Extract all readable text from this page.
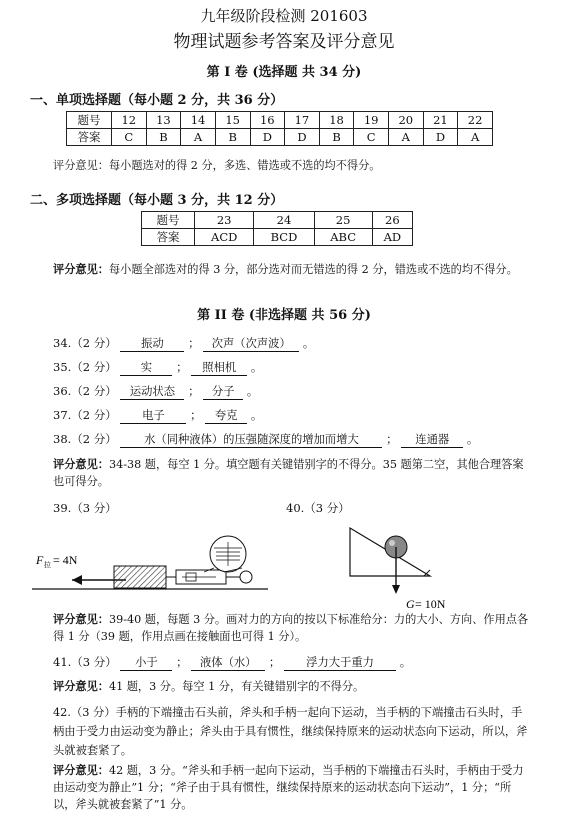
九年级阶段检测 201603
物理试题参考答案及评分意见
第 I 卷 (选择题 共 34 分)
一、单项选择题（每小题 2 分，共 36 分）
题号	12	13	14	15	16	17	18	19	20	21	22
答案	C	B	A	B	D	D	B	C	A	D	A
评分意见：每小题选对的得 2 分，多选、错选或不选的均不得分。
二、多项选择题（每小题 3 分，共 12 分）
题号	23	24	25	26
答案	ACD	BCD	ABC	AD
评分意见：每小题全部选对的得 3 分，部分选对而无错选的得 2 分，错选或不选的均不得分。
第 II 卷 (非选择题 共 56 分)
34.（2 分） 振动 ； 次声（次声波） 。
35.（2 分） 实 ； 照相机 。
36.（2 分） 运动状态 ； 分子 。
37.（2 分） 电子 ； 夸克 。
38.（2 分） 水（同种液体）的压强随深度的增加而增大 ； 连通器 。
评分意见：34-38 题，每空 1 分。填空题有关键错别字的不得分。35 题第二空，其他合理答案也可得分。
39.（3 分）	40.（3 分）
F 拉 = 4N
G = 10N
评分意见：39-40 题，每题 3 分。画对力的方向的按以下标准给分：力的大小、方向、作用点各得 1 分（39 题，作用点画在接触面也可得 1 分）。
41.（3 分） 小于 ； 液体（水） ； 浮力大于重力 。
评分意见：41 题，3 分。每空 1 分，有关键错别字的不得分。
42.（3 分）手柄的下端撞击石头前，斧头和手柄一起向下运动，当手柄的下端撞击石头时，手柄由于受力由运动变为静止；斧头由于具有惯性，继续保持原来的运动状态向下运动，所以，斧头就被套紧了。
评分意见：42 题，3 分。“斧头和手柄一起向下运动，当手柄的下端撞击石头时，手柄由于受力由运动变为静止”1 分；“斧子由于具有惯性，继续保持原来的运动状态向下运动”，1 分；“所以，斧头就被套紧了”1 分。
